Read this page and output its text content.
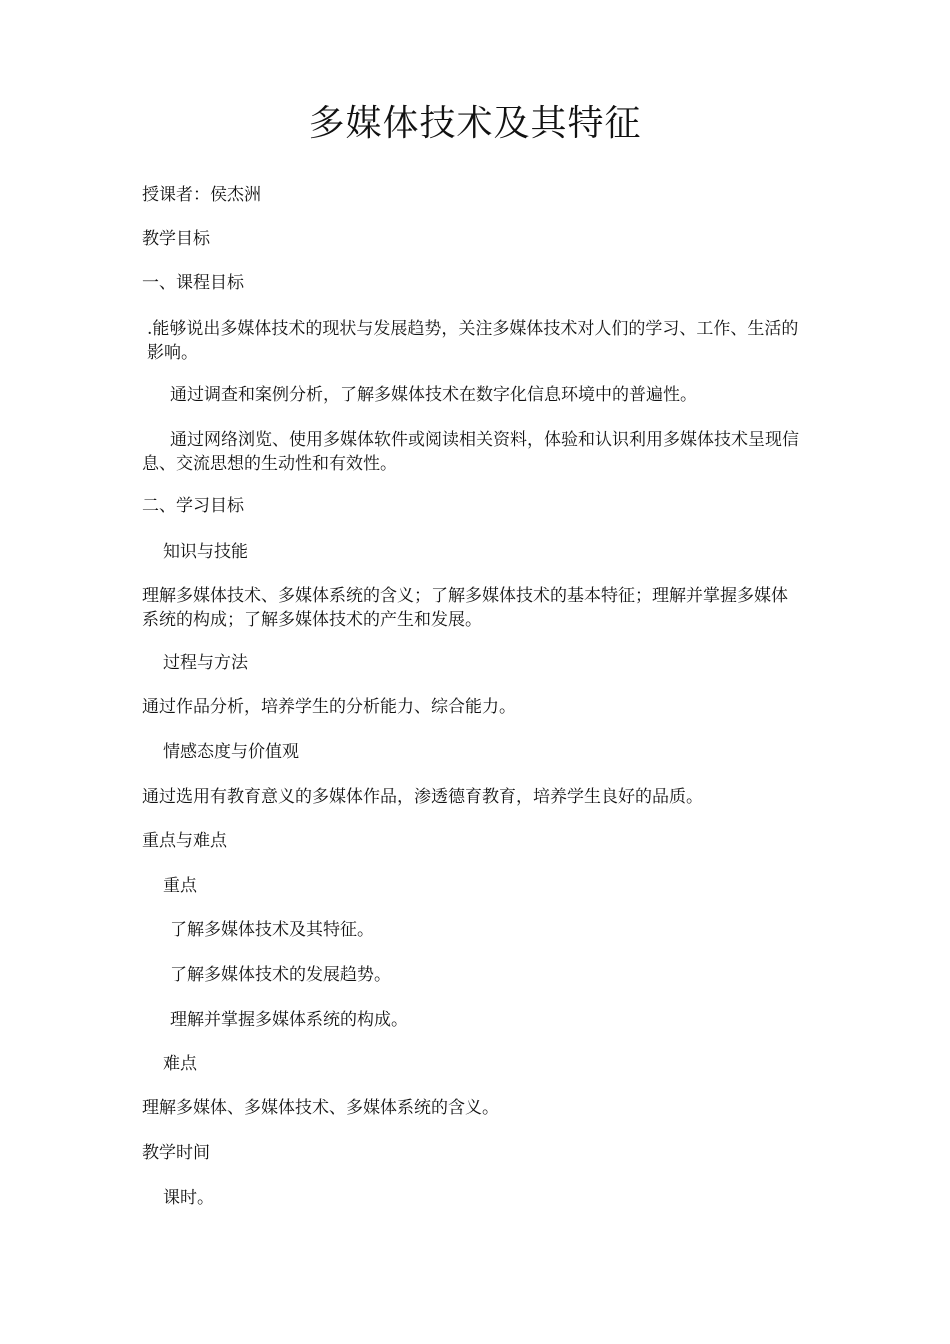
多媒体技术及其特征
授课者：侯杰洲
教学目标
一、课程目标
.能够说出多媒体技术的现状与发展趋势，关注多媒体技术对人们的学习、工作、生活的影响。
通过调查和案例分析，了解多媒体技术在数字化信息环境中的普遍性。
通过网络浏览、使用多媒体软件或阅读相关资料，体验和认识利用多媒体技术呈现信息、交流思想的生动性和有效性。
二、学习目标
知识与技能
理解多媒体技术、多媒体系统的含义；了解多媒体技术的基本特征；理解并掌握多媒体系统的构成；了解多媒体技术的产生和发展。
过程与方法
通过作品分析，培养学生的分析能力、综合能力。
情感态度与价值观
通过选用有教育意义的多媒体作品，渗透德育教育，培养学生良好的品质。
重点与难点
重点
了解多媒体技术及其特征。
了解多媒体技术的发展趋势。
理解并掌握多媒体系统的构成。
难点
理解多媒体、多媒体技术、多媒体系统的含义。
教学时间
课时。
